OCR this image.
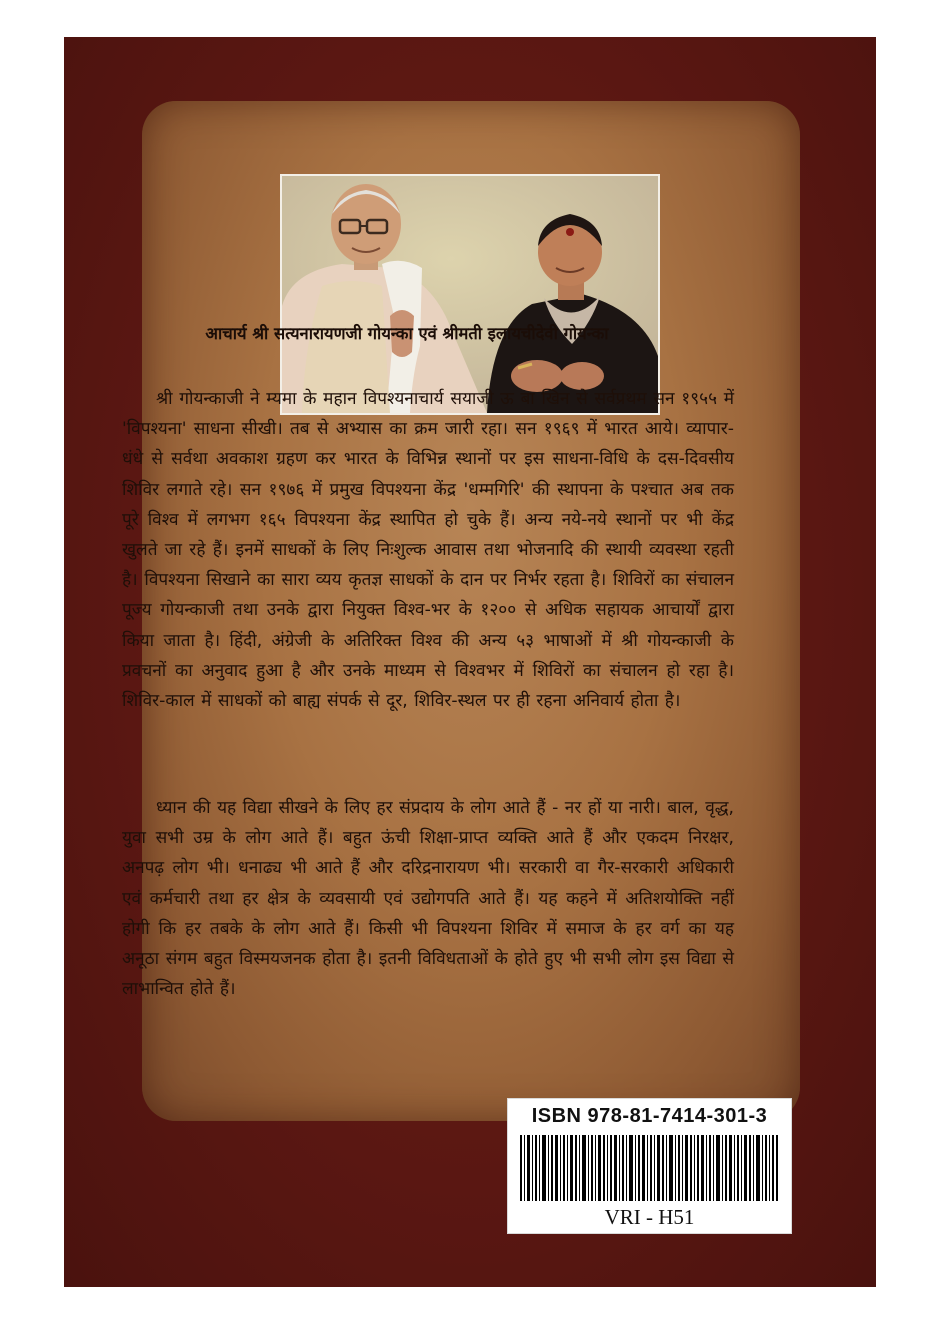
ISBN 978-81-7414-301-3
VRI - H51
आचार्य श्री सत्यनारायणजी गोयन्का एवं श्रीमती इलायचीदेवी गोयन्का

श्री गोयन्काजी ने म्यमा के महान विपश्यनाचार्य सयाजी ऊ बा खिन से सर्वप्रथम सन १९५५ में 'विपश्यना' साधना सीखी। तब से अभ्यास का क्रम जारी रहा। सन १९६९ में भारत आये। व्यापार-धंधे से सर्वथा अवकाश ग्रहण कर भारत के विभिन्न स्थानों पर इस साधना-विधि के दस-दिवसीय शिविर लगाते रहे। सन १९७६ में प्रमुख विपश्यना केंद्र 'धम्मगिरि' की स्थापना के पश्चात अब तक पूरे विश्व में लगभग १६५ विपश्यना केंद्र स्थापित हो चुके हैं। अन्य नये-नये स्थानों पर भी केंद्र खुलते जा रहे हैं। इनमें साधकों के लिए निःशुल्क आवास तथा भोजनादि की स्थायी व्यवस्था रहती है। विपश्यना सिखाने का सारा व्यय कृतज्ञ साधकों के दान पर निर्भर रहता है। शिविरों का संचालन पूज्य गोयन्काजी तथा उनके द्वारा नियुक्त विश्व-भर के १२०० से अधिक सहायक आचार्यों द्वारा किया जाता है। हिंदी, अंग्रेजी के अतिरिक्त विश्व की अन्य ५३ भाषाओं में श्री गोयन्काजी के प्रवचनों का अनुवाद हुआ है और उनके माध्यम से विश्वभर में शिविरों का संचालन हो रहा है। शिविर-काल में साधकों को बाह्य संपर्क से दूर, शिविर-स्थल पर ही रहना अनिवार्य होता है।

ध्यान की यह विद्या सीखने के लिए हर संप्रदाय के लोग आते हैं - नर हों या नारी। बाल, वृद्ध, युवा सभी उम्र के लोग आते हैं। बहुत ऊंची शिक्षा-प्राप्त व्यक्ति आते हैं और एकदम निरक्षर, अनपढ़ लोग भी। धनाढ्य भी आते हैं और दरिद्रनारायण भी। सरकारी वा गैर-सरकारी अधिकारी एवं कर्मचारी तथा हर क्षेत्र के व्यवसायी एवं उद्योगपति आते हैं। यह कहने में अतिशयोक्ति नहीं होगी कि हर तबके के लोग आते हैं। किसी भी विपश्यना शिविर में समाज के हर वर्ग का यह अनूठा संगम बहुत विस्मयजनक होता है। इतनी विविधताओं के होते हुए भी सभी लोग इस विद्या से लाभान्वित होते हैं।
